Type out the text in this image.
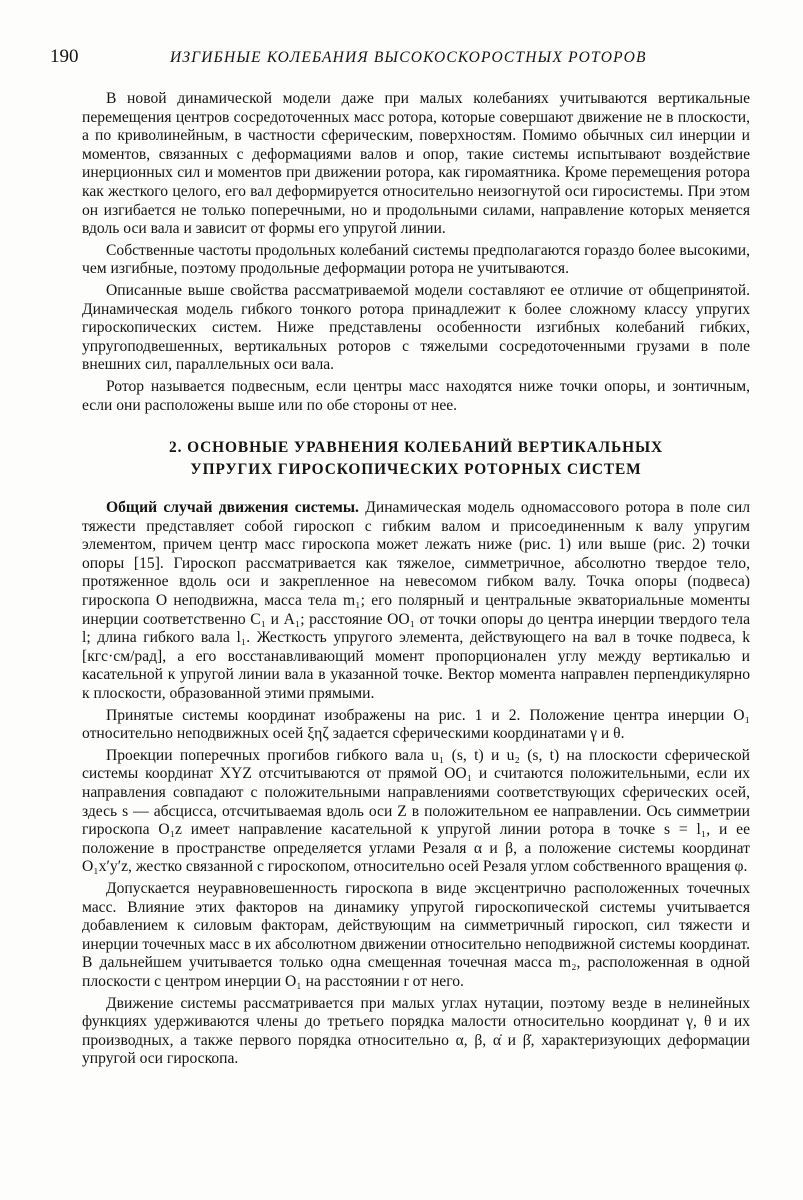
190	ИЗГИБНЫЕ КОЛЕБАНИЯ ВЫСОКОСКОРОСТНЫХ РОТОРОВ

В новой динамической модели даже при малых колебаниях учитываются вертикальные перемещения центров сосредоточенных масс ротора, которые совершают движение не в плоскости, а по криволинейным, в частности сферическим, поверхностям. Помимо обычных сил инерции и моментов, связанных с деформациями валов и опор, такие системы испытывают воздействие инерционных сил и моментов при движении ротора, как гиромаятника. Кроме перемещения ротора как жесткого целого, его вал деформируется относительно неизогнутой оси гиросистемы. При этом он изгибается не только поперечными, но и продольными силами, направление которых меняется вдоль оси вала и зависит от формы его упругой линии.

Собственные частоты продольных колебаний системы предполагаются гораздо более высокими, чем изгибные, поэтому продольные деформации ротора не учитываются.

Описанные выше свойства рассматриваемой модели составляют ее отличие от общепринятой. Динамическая модель гибкого тонкого ротора принадлежит к более сложному классу упругих гироскопических систем. Ниже представлены особенности изгибных колебаний гибких, упругоподвешенных, вертикальных роторов с тяжелыми сосредоточенными грузами в поле внешних сил, параллельных оси вала.

Ротор называется подвесным, если центры масс находятся ниже точки опоры, и зонтичным, если они расположены выше или по обе стороны от нее.

2. ОСНОВНЫЕ УРАВНЕНИЯ КОЛЕБАНИЙ ВЕРТИКАЛЬНЫХ
УПРУГИХ ГИРОСКОПИЧЕСКИХ РОТОРНЫХ СИСТЕМ

Общий случай движения системы. Динамическая модель одномассового ротора в поле сил тяжести представляет собой гироскоп с гибким валом и присоединенным к валу упругим элементом, причем центр масс гироскопа может лежать ниже (рис. 1) или выше (рис. 2) точки опоры [15]. Гироскоп рассматривается как тяжелое, симметричное, абсолютно твердое тело, протяженное вдоль оси и закрепленное на невесомом гибком валу. Точка опоры (подвеса) гироскопа O неподвижна, масса тела m₁; его полярный и центральные экваториальные моменты инерции соответственно C₁ и A₁; расстояние OO₁ от точки опоры до центра инерции твердого тела l; длина гибкого вала l₁. Жесткость упругого элемента, действующего на вал в точке подвеса, k [кгс·см/рад], а его восстанавливающий момент пропорционален углу между вертикалью и касательной к упругой линии вала в указанной точке. Вектор момента направлен перпендикулярно к плоскости, образованной этими прямыми.

Принятые системы координат изображены на рис. 1 и 2. Положение центра инерции O₁ относительно неподвижных осей ξηζ задается сферическими координатами γ и θ.

Проекции поперечных прогибов гибкого вала u₁ (s, t) и u₂ (s, t) на плоскости сферической системы координат XYZ отсчитываются от прямой OO₁ и считаются положительными, если их направления совпадают с положительными направлениями соответствующих сферических осей, здесь s — абсцисса, отсчитываемая вдоль оси Z в положительном ее направлении. Ось симметрии гироскопа O₁z имеет направление касательной к упругой линии ротора в точке s = l₁, и ее положение в пространстве определяется углами Резаля α и β, а положение системы координат O₁x′y′z, жестко связанной с гироскопом, относительно осей Резаля углом собственного вращения φ.

Допускается неуравновешенность гироскопа в виде эксцентрично расположенных точечных масс. Влияние этих факторов на динамику упругой гироскопической системы учитывается добавлением к силовым факторам, действующим на симметричный гироскоп, сил тяжести и инерции точечных масс в их абсолютном движении относительно неподвижной системы координат. В дальнейшем учитывается только одна смещенная точечная масса m₂, расположенная в одной плоскости с центром инерции O₁ на расстоянии r от него.

Движение системы рассматривается при малых углах нутации, поэтому везде в нелинейных функциях удерживаются члены до третьего порядка малости относительно координат γ, θ и их производных, а также первого порядка относительно α, β, α̇ и β̇, характеризующих деформации упругой оси гироскопа.
